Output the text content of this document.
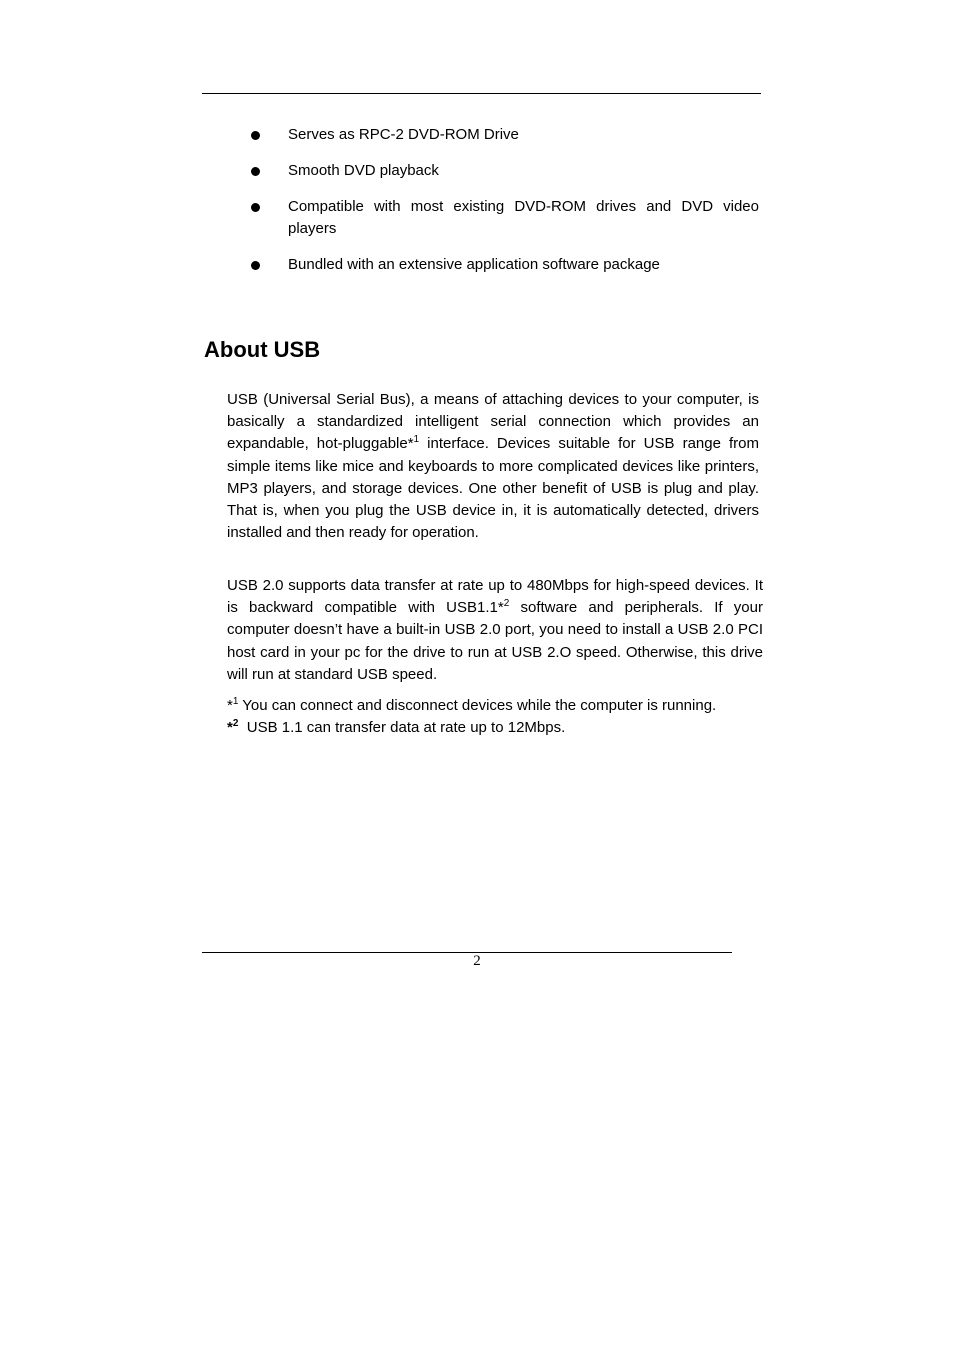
Serves as RPC-2 DVD-ROM Drive
Smooth DVD playback
Compatible with most existing DVD-ROM drives and DVD video players
Bundled with an extensive application software package
About USB

USB (Universal Serial Bus), a means of attaching devices to your computer, is basically a standardized intelligent serial connection which provides an expandable, hot-pluggable*$^1$ interface. Devices suitable for USB range from simple items like mice and keyboards to more complicated devices like printers, MP3 players, and storage devices. One other benefit of USB is plug and play. That is, when you plug the USB device in, it is automatically detected, drivers installed and then ready for operation.

USB 2.0 supports data transfer at rate up to 480Mbps for high-speed devices. It is backward compatible with USB1.1*$^2$ software and peripherals. If your computer doesn’t have a built-in USB 2.0 port, you need to install a USB 2.0 PCI host card in your pc for the drive to run at USB 2.O speed. Otherwise, this drive will run at standard USB speed.

*$^1$ You can connect and disconnect devices while the computer is running.
*$^2$  USB 1.1 can transfer data at rate up to 12Mbps.
2
